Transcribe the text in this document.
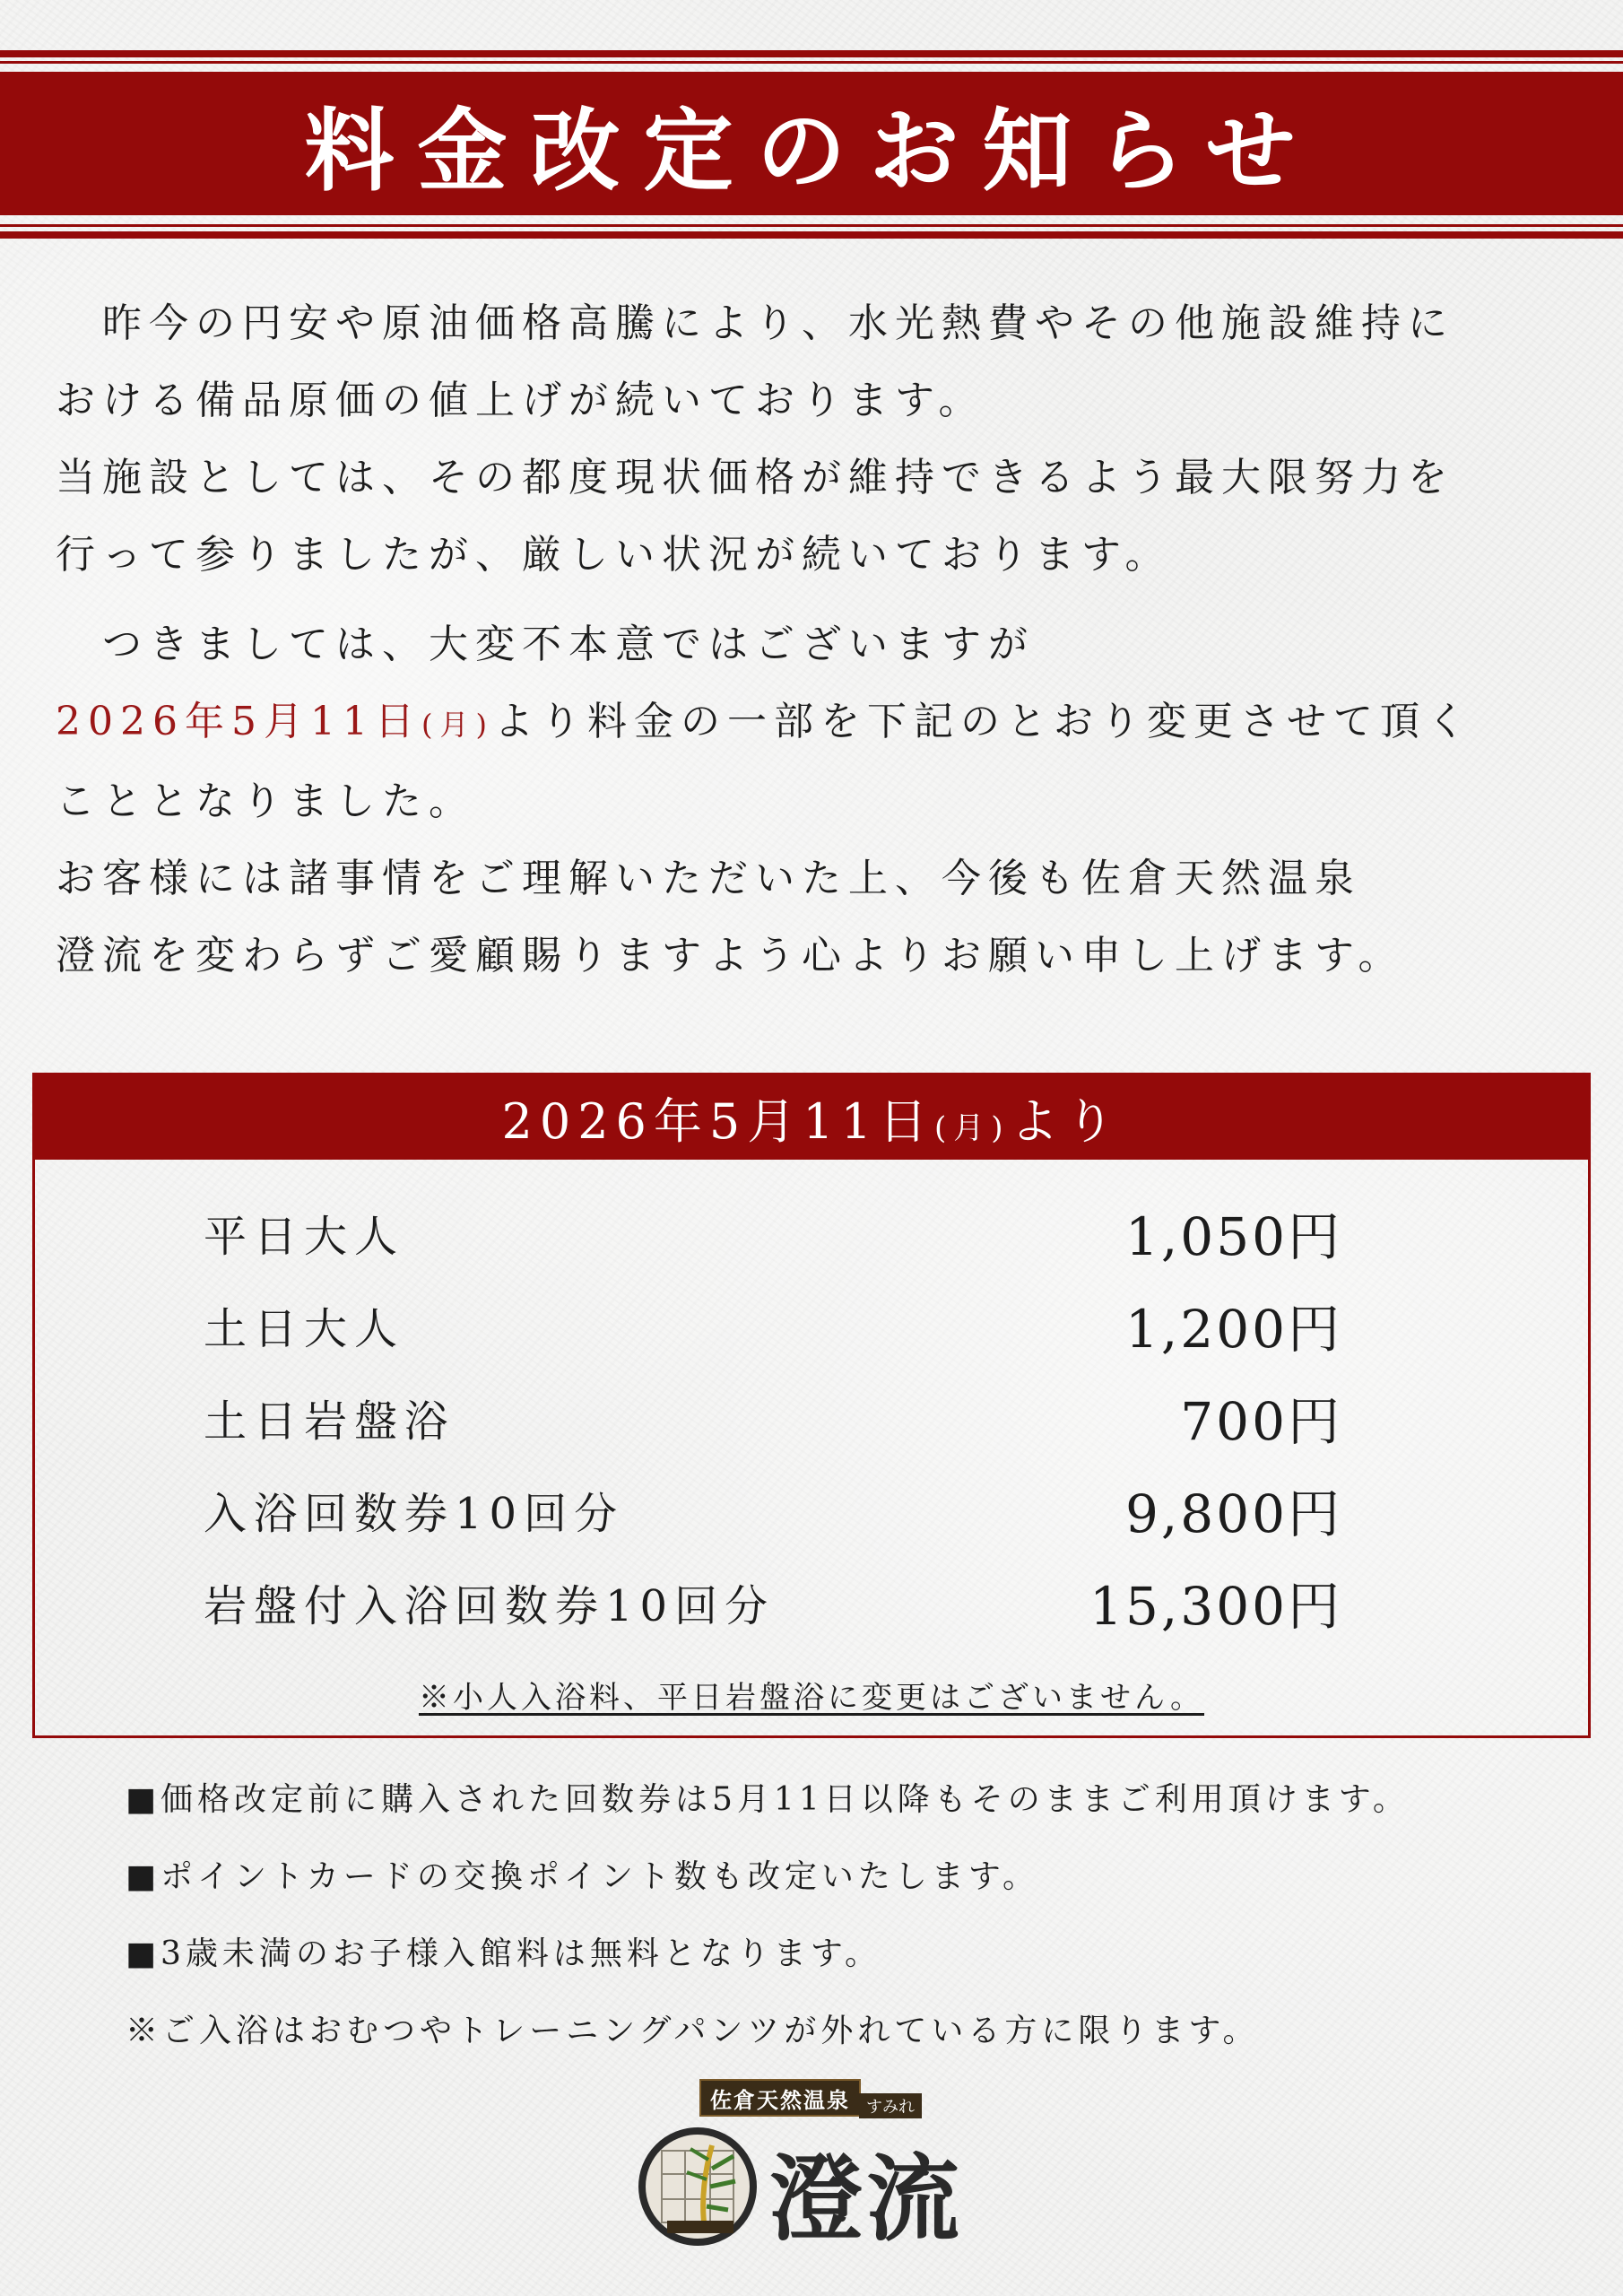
料金改定のお知らせ

昨今の円安や原油価格高騰により、水光熱費やその他施設維持に

おける備品原価の値上げが続いております。

当施設としては、その都度現状価格が維持できるよう最大限努力を

行って参りましたが、厳しい状況が続いております。

つきましては、大変不本意ではございますが

2026年5月11日(月)より料金の一部を下記のとおり変更させて頂く

こととなりました。

お客様には諸事情をご理解いただいた上、今後も佐倉天然温泉

澄流を変わらずご愛顧賜りますよう心よりお願い申し上げます。

2026年5月11日(月)より
平日大人	1,050円
土日大人	1,200円
土日岩盤浴	700円
入浴回数券10回分	9,800円
岩盤付入浴回数券10回分	15,300円
※小人入浴料、平日岩盤浴に変更はございません。
■価格改定前に購入された回数券は5月11日以降もそのままご利用頂けます。
■ポイントカードの交換ポイント数も改定いたします。
■3歳未満のお子様入館料は無料となります。
※ご入浴はおむつやトレーニングパンツが外れている方に限ります。
佐倉天然温泉	すみれ
澄流
